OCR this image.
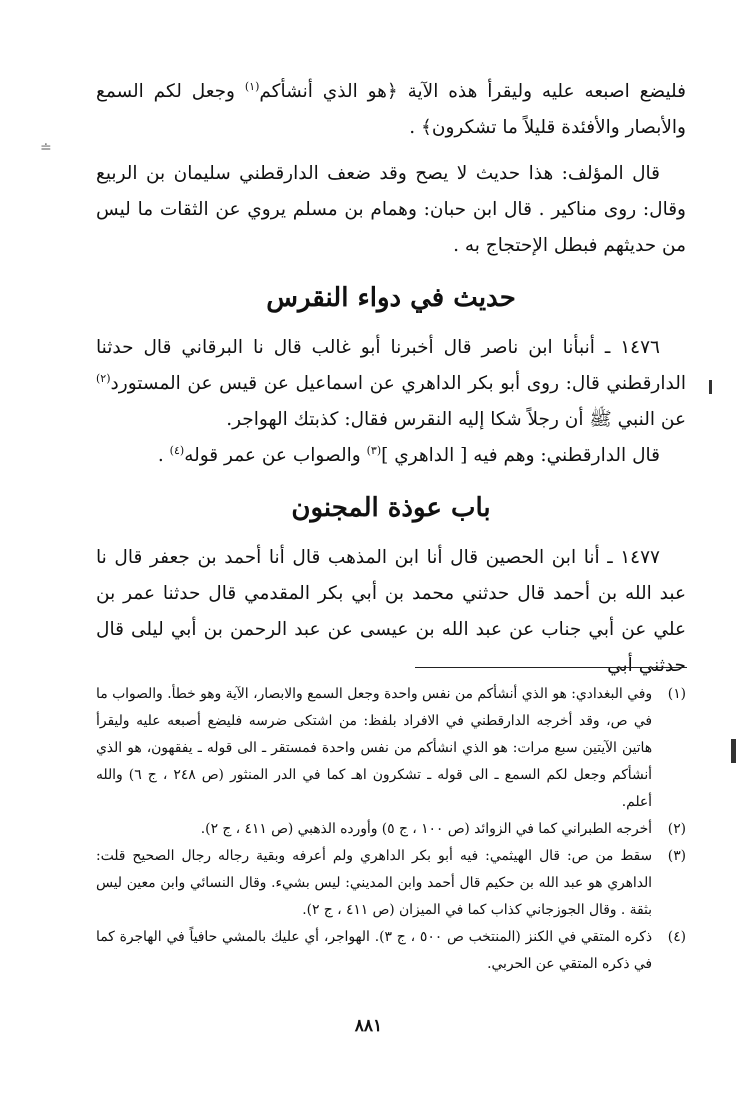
فليضع اصبعه عليه وليقرأ هذه الآية ﴿هو الذي أنشأكم$^{(١)}$ وجعل لكم السمع والأبصار والأفئدة قليلاً ما تشكرون﴾ .

قال المؤلف: هذا حديث لا يصح وقد ضعف الدارقطني سليمان بن الربيع وقال: روى مناكير . قال ابن حبان: وهمام بن مسلم يروي عن الثقات ما ليس من حديثهم فبطل الإحتجاج به .

حديث في دواء النقرس

١٤٧٦ ـ أنبأنا ابن ناصر قال أخبرنا أبو غالب قال نا البرقاني قال حدثنا الدارقطني قال: روى أبو بكر الداهري عن اسماعيل عن قيس عن المستورد$^{(٢)}$ عن النبي ﷺ أن رجلاً شكا إليه النقرس فقال: كذبتك الهواجر.

قال الدارقطني: وهم فيه [ الداهري ]$^{(٣)}$ والصواب عن عمر قوله$^{(٤)}$ .

باب عوذة المجنون

١٤٧٧ ـ أنا ابن الحصين قال أنا ابن المذهب قال أنا أحمد بن جعفر قال نا عبد الله بن أحمد قال حدثني محمد بن أبي بكر المقدمي قال حدثنا عمر بن علي عن أبي جناب عن عبد الله بن عيسى عن عبد الرحمن بن أبي ليلى قال حدثني أبي

(١)
وفي البغدادي: هو الذي أنشأكم من نفس واحدة وجعل السمع والابصار، الآية وهو خطأ. والصواب ما في ص، وقد أخرجه الدارقطني في الافراد بلفظ: من اشتكى ضرسه فليضع أصبعه عليه وليقرأ هاتين الآيتين سبع مرات: هو الذي انشأكم من نفس واحدة فمستقر ـ الى قوله ـ يفقهون، هو الذي أنشأكم وجعل لكم السمع ـ الى قوله ـ تشكرون اهـ كما في الدر المنثور (ص ٢٤٨ ، ج ٦) والله أعلم.

(٢)
أخرجه الطبراني كما في الزوائد (ص ١٠٠ ، ج ٥) وأورده الذهبي (ص ٤١١ ، ج ٢).

(٣)
سقط من ص: قال الهيثمي: فيه أبو بكر الداهري ولم أعرفه وبقية رجاله رجال الصحيح قلت: الداهري هو عبد الله بن حكيم قال أحمد وابن المديني: ليس بشيء. وقال النسائي وابن معين ليس بثقة . وقال الجوزجاني كذاب كما في الميزان (ص ٤١١ ، ج ٢).

(٤)
ذكره المتقي في الكنز (المنتخب ص ٥٠٠ ، ج ٣). الهواجر، أي عليك بالمشي حافياً في الهاجرة كما في ذكره المتقي عن الحربي.

٨٨١
≐
